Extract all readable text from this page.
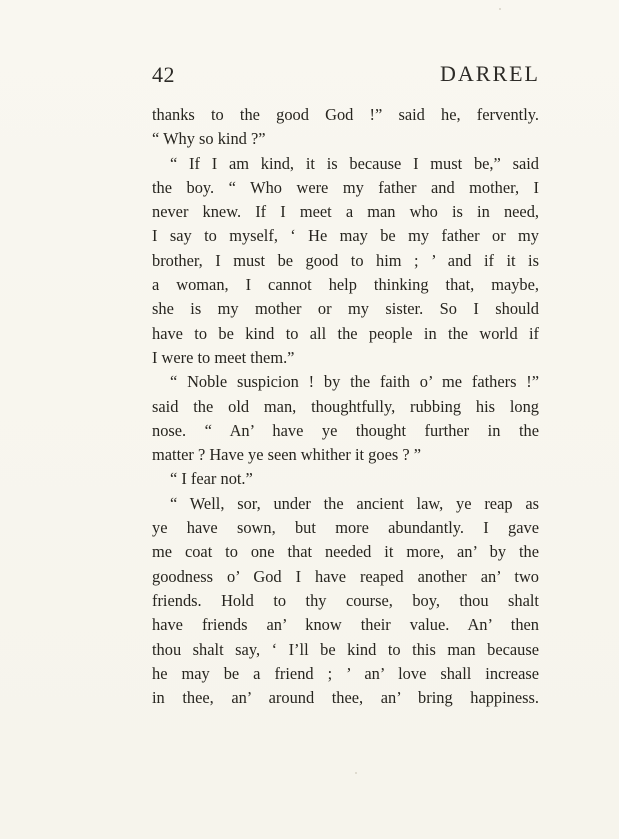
42	DARREL
thanks to the good God !” said he, fervently.
“ Why so kind ?”
“ If I am kind, it is because I must be,” said
the boy. “ Who were my father and mother, I
never knew. If I meet a man who is in need,
I say to myself, ‘ He may be my father or my
brother, I must be good to him ; ’ and if it is
a woman, I cannot help thinking that, maybe,
she is my mother or my sister. So I should
have to be kind to all the people in the world if
I were to meet them.”
“ Noble suspicion ! by the faith o’ me fathers !”
said the old man, thoughtfully, rubbing his long
nose. “ An’ have ye thought further in the
matter ? Have ye seen whither it goes ? ”
“ I fear not.”
“ Well, sor, under the ancient law, ye reap as
ye have sown, but more abundantly. I gave
me coat to one that needed it more, an’ by the
goodness o’ God I have reaped another an’ two
friends. Hold to thy course, boy, thou shalt
have friends an’ know their value. An’ then
thou shalt say, ‘ I’ll be kind to this man because
he may be a friend ; ’ an’ love shall increase
in thee, an’ around thee, an’ bring happiness.
